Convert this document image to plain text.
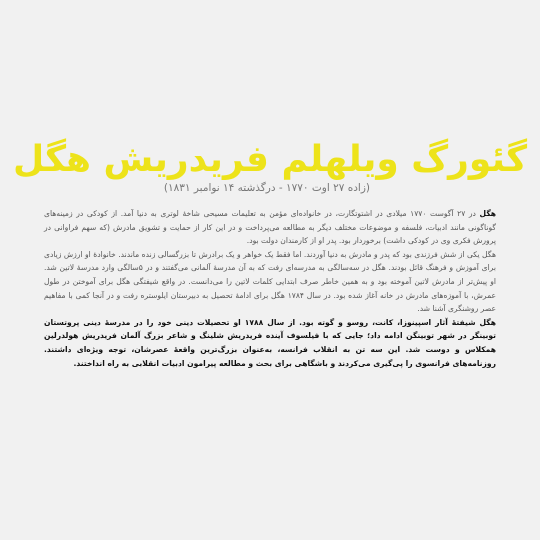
گئورگ ویلهلم فریدریش هگل

(زاده ۲۷ اوت ۱۷۷۰ - درگذشته ۱۴ نوامبر ۱۸۳۱)

هگل در ۲۷ آگوست ۱۷۷۰ میلادی در اشتوتگارت، در خانواده‌ای مؤمن به تعلیمات مسیحی شاخهٔ لوتری به دنیا آمد. از کودکی در زمینه‌های گوناگونی مانند ادبیات، فلسفه و موضوعات مختلف دیگر به مطالعه می‌پرداخت و در این کار از حمایت و تشویق مادرش (که سهم فراوانی در پرورش فکری وی در کودکی داشت) برخوردار بود. پدر او از کارمندان دولت بود.

هگل یکی از شش فرزندی بود که پدر و مادرش به دنیا آوردند. اما فقط یک خواهر و یک برادرش تا بزرگسالی زنده ماندند. خانوادهٔ او ارزش زیادی برای آموزش و فرهنگ قائل بودند. هگل در سه‌سالگی به مدرسه‌ای رفت که به آن مدرسهٔ آلمانی می‌گفتند و در ۵سالگی وارد مدرسهٔ لاتین شد. او پیش‌تر از مادرش لاتین آموخته بود و به همین خاطر صرف ابتدایی کلمات لاتین را می‌دانست. در واقع شیفتگی هگل برای آموختن در طول عمرش، با آموزه‌های مادرش در خانه آغاز شده بود. در سال ۱۷۸۴ هگل برای ادامهٔ تحصیل به دبیرستان ایلوستره رفت و در آنجا کمی با مفاهیم عصر روشنگری آشنا شد.

هگل شیفتهٔ آثار اسپینوزا، کانت، روسو و گوته بود. از سال ۱۷۸۸ او تحصیلات دینی خود را در مدرسهٔ دینی پروتستان توبینگر در شهر توبینگن ادامه داد؛ جایی که با فیلسوف آینده فریدریش شلینگ و شاعر بزرگ آلمان فریدریش هولدرلین همکلاس و دوست شد. این سه تن به انقلاب فرانسه، به‌عنوان بزرگ‌ترین واقعهٔ عصرشان، توجه ویژه‌ای داشتند. روزنامه‌های فرانسوی را پی‌گیری می‌کردند و باشگاهی برای بحث و مطالعه پیرامون ادبیات انقلابی به راه انداختند.
